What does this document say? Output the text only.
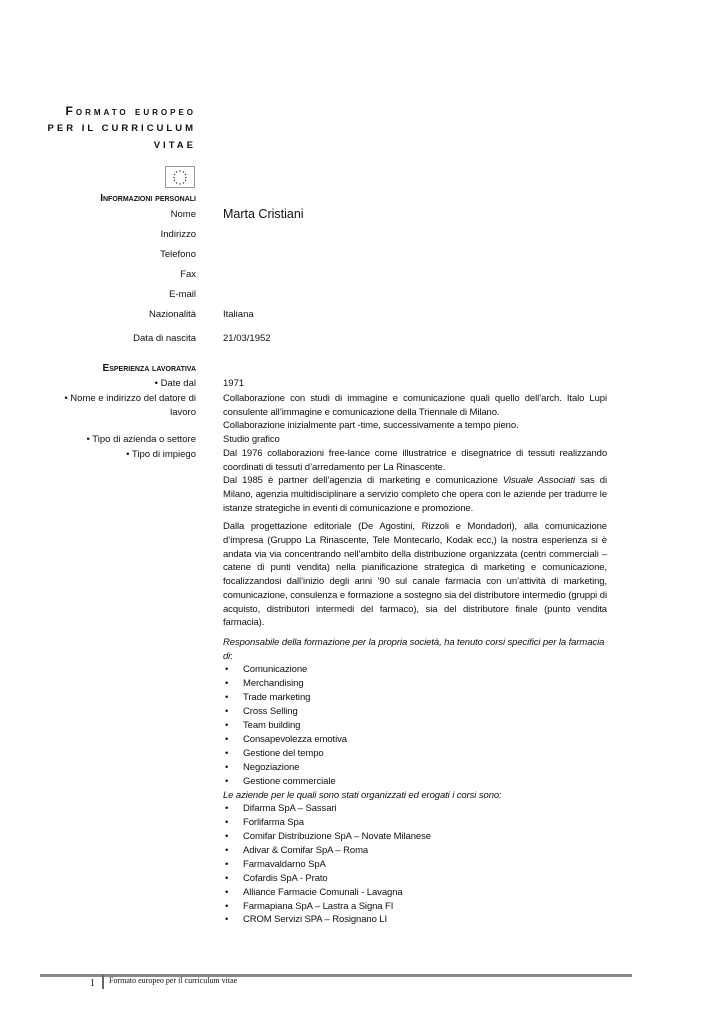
Formato europeo
PER IL CURRICULUM
VITAE
Informazioni personali
Nome Marta Cristiani
Indirizzo
Telefono
Fax
E-mail
Nazionalità	Italiana
Data di nascita	21/03/1952
Esperienza lavorativa
• Date dal
• Nome e indirizzo del datore di
lavoro
• Tipo di azienda o settore
• Tipo di impiego
1971

Collaborazione con studi di immagine e comunicazione quali quello dell’arch. Italo Lupi consulente all’immagine e comunicazione della Triennale di Milano.

Collaborazione inizialmente part -time, successivamente a tempo pieno.

Studio grafico

Dal 1976 collaborazioni free-lance come illustratrice e disegnatrice di tessuti realizzando coordinati di tessuti d’arredamento per La Rinascente.

Dal 1985 è partner dell’agenzia di marketing e comunicazione Visuale Associati sas di Milano, agenzia multidisciplinare a servizio completo che opera con le aziende per tradurre le istanze strategiche in eventi di comunicazione e promozione.

Dalla progettazione editoriale (De Agostini, Rizzoli e Mondadori), alla comunicazione d’impresa (Gruppo La Rinascente, Tele Montecarlo, Kodak ecc,) la nostra esperienza si è andata via via concentrando nell’ambito della distribuzione organizzata (centri commerciali – catene di punti vendita) nella pianificazione strategica di marketing e comunicazione, focalizzandosi dall’inizio degli anni ’90 sul canale farmacia con un’attività di marketing, comunicazione, consulenza e formazione a sostegno sia del distributore intermedio (gruppi di acquisto, distributori intermedi del farmaco), sia del distributore finale (punto vendita farmacia).

Responsabile della formazione per la propria società, ha tenuto corsi specifici per la farmacia di:

• Comunicazione
• Merchandising
• Trade marketing
• Cross Selling
• Team building
• Consapevolezza emotiva
• Gestione del tempo
• Negoziazione
• Gestione commerciale

Le aziende per le quali sono stati organizzati ed erogati i corsi sono:

• Difarma SpA – Sassari
• Forlifarma Spa
• Comifar Distribuzione SpA – Novate Milanese
• Adivar & Comifar SpA – Roma
• Farmavaldarno SpA
• Cofardis SpA - Prato
• Alliance Farmacie Comunali - Lavagna
• Farmapiana SpA – Lastra a Signa FI
• CROM Servizi SPA – Rosignano LI
1 Formato europeo per il curriculum vitae
